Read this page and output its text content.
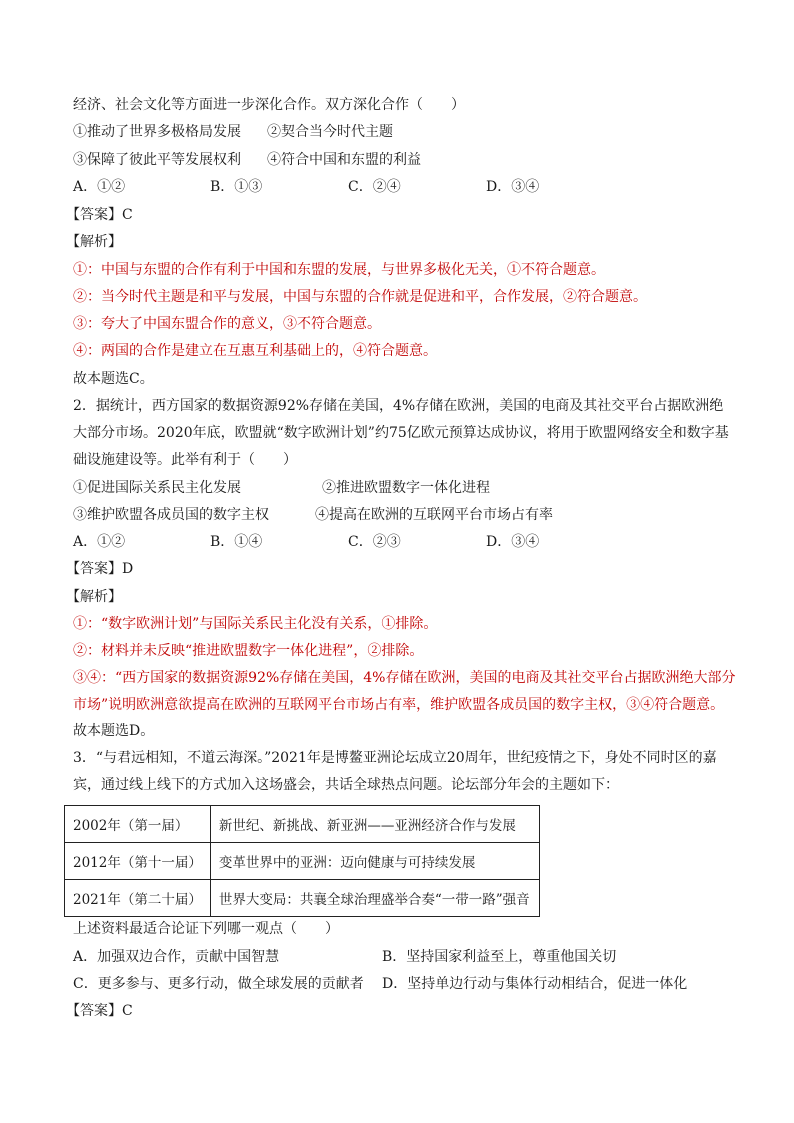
经济、社会文化等方面进一步深化合作。双方深化合作（　　）
①推动了世界多极格局发展 ②契合当今时代主题
③保障了彼此平等发展权利 ④符合中国和东盟的利益
A．①②	B．①③	C．②④	D．③④
【答案】C
【解析】
①：中国与东盟的合作有利于中国和东盟的发展，与世界多极化无关，①不符合题意。
②：当今时代主题是和平与发展，中国与东盟的合作就是促进和平，合作发展，②符合题意。
③：夸大了中国东盟合作的意义，③不符合题意。
④：两国的合作是建立在互惠互利基础上的，④符合题意。
故本题选C。
2．据统计，西方国家的数据资源92%存储在美国，4%存储在欧洲，美国的电商及其社交平台占据欧洲绝
大部分市场。2020年底，欧盟就“数字欧洲计划”约75亿欧元预算达成协议，将用于欧盟网络安全和数字基
础设施建设等。此举有利于（　　）
①促进国际关系民主化发展	②推进欧盟数字一体化进程
③维护欧盟各成员国的数字主权	④提高在欧洲的互联网平台市场占有率
A．①②	B．①④	C．②③	D．③④
【答案】D
【解析】
①：“数字欧洲计划”与国际关系民主化没有关系，①排除。
②：材料并未反映“推进欧盟数字一体化进程”，②排除。
③④：“西方国家的数据资源92%存储在美国，4%存储在欧洲，美国的电商及其社交平台占据欧洲绝大部分
市场”说明欧洲意欲提高在欧洲的互联网平台市场占有率，维护欧盟各成员国的数字主权，③④符合题意。
故本题选D。
3．“与君远相知，不道云海深。”2021年是博鳌亚洲论坛成立20周年，世纪疫情之下，身处不同时区的嘉
宾，通过线上线下的方式加入这场盛会，共话全球热点问题。论坛部分年会的主题如下：
2002年（第一届）	新世纪、新挑战、新亚洲——亚洲经济合作与发展
2012年（第十一届）	变革世界中的亚洲：迈向健康与可持续发展
2021年（第二十届）	世界大变局：共襄全球治理盛举合奏“一带一路”强音
上述资料最适合论证下列哪一观点（　　）
A．加强双边合作，贡献中国智慧	B．坚持国家利益至上，尊重他国关切
C．更多参与、更多行动，做全球发展的贡献者 D．坚持单边行动与集体行动相结合，促进一体化
【答案】C
